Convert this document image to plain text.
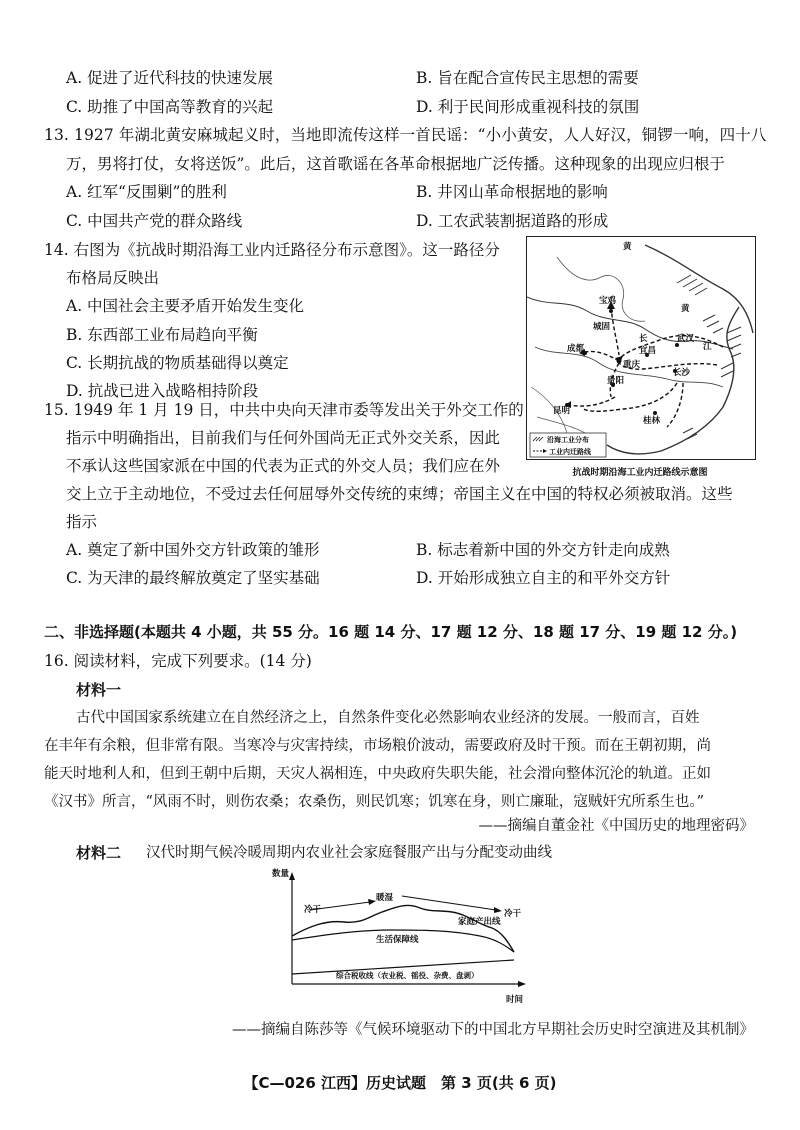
A. 促进了近代科技的快速发展	B. 旨在配合宣传民主思想的需要
C. 助推了中国高等教育的兴起	D. 利于民间形成重视科技的氛围
13. 1927 年湖北黄安麻城起义时，当地即流传这样一首民谣：“小小黄安，人人好汉，铜锣一响，四十八
万，男将打仗，女将送饭”。此后，这首歌谣在各革命根据地广泛传播。这种现象的出现应归根于
A. 红军“反围剿”的胜利	B. 井冈山革命根据地的影响
C. 中国共产党的群众路线	D. 工农武装割据道路的形成
14. 右图为《抗战时期沿海工业内迁路径分布示意图》。这一路径分
布格局反映出
A. 中国社会主要矛盾开始发生变化
B. 东西部工业布局趋向平衡
C. 长期抗战的物质基础得以奠定
D. 抗战已进入战略相持阶段
黄
宝鸡
城固
成都
重庆
长
宜昌
武汉
江
黄
长沙
贵阳
昆明
桂林
沿海工业分布
工业内迁路线
抗战时期沿海工业内迁路线示意图
15. 1949 年 1 月 19 日，中共中央向天津市委等发出关于外交工作的
指示中明确指出，目前我们与任何外国尚无正式外交关系，因此
不承认这些国家派在中国的代表为正式的外交人员；我们应在外
交上立于主动地位，不受过去任何屈辱外交传统的束缚；帝国主义在中国的特权必须被取消。这些
指示
A. 奠定了新中国外交方针政策的雏形	B. 标志着新中国的外交方针走向成熟
C. 为天津的最终解放奠定了坚实基础	D. 开始形成独立自主的和平外交方针
二、非选择题(本题共 4 小题，共 55 分。16 题 14 分、17 题 12 分、18 题 17 分、19 题 12 分。)
16. 阅读材料，完成下列要求。(14 分)
材料一
古代中国国家系统建立在自然经济之上，自然条件变化必然影响农业经济的发展。一般而言，百姓
在丰年有余粮，但非常有限。当寒冷与灾害持续，市场粮价波动，需要政府及时干预。而在王朝初期，尚
能天时地利人和，但到王朝中后期，天灾人祸相连，中央政府失职失能，社会滑向整体沉沦的轨道。正如
《汉书》所言，“风雨不时，则伤农桑；农桑伤，则民饥寒；饥寒在身，则亡廉耻，寇贼奸宄所系生也。”
——摘编自董金社《中国历史的地理密码》
材料二 汉代时期气候冷暖周期内农业社会家庭餐服产出与分配变动曲线
数量
时间
冷干
暖湿
冷干
家庭产出线
生活保障线
综合税收线（农业税、徭役、杂费、盘剥）
——摘编自陈莎等《气候环境驱动下的中国北方早期社会历史时空演进及其机制》
【C—026 江西】历史试题　第 3 页(共 6 页)
